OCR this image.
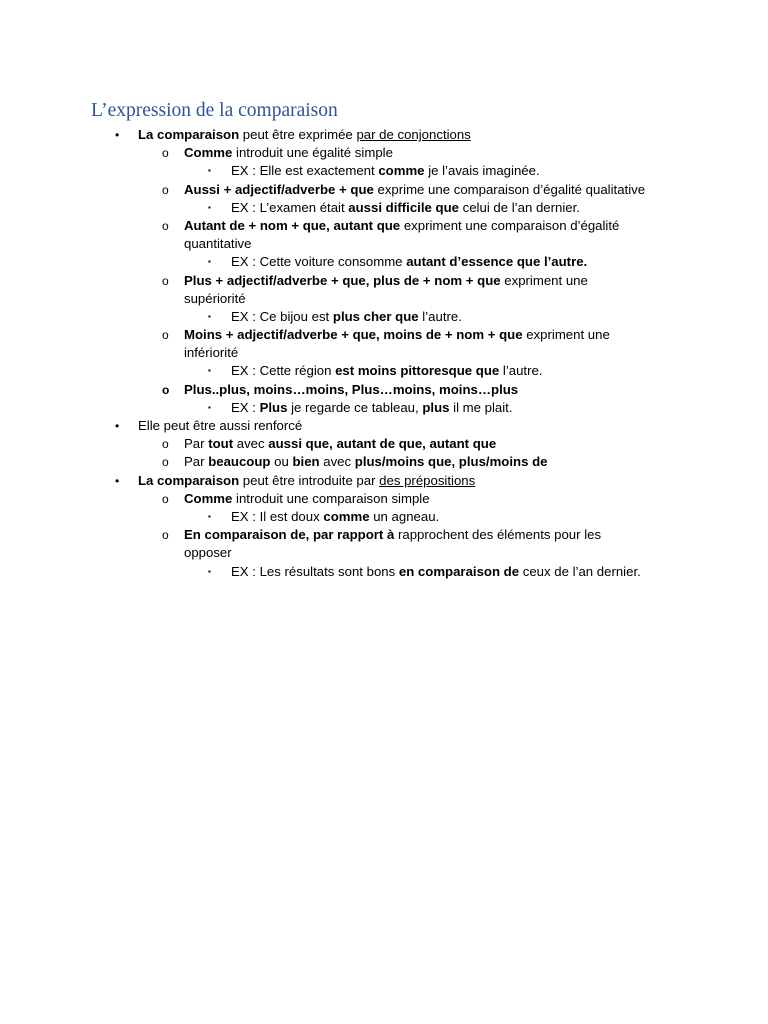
L’expression de la comparaison
• La comparaison peut être exprimée par de conjonctions
o Comme introduit une égalité simple
▪ EX : Elle est exactement comme je l’avais imaginée.
o Aussi + adjectif/adverbe + que exprime une comparaison d’égalité qualitative
▪ EX : L’examen était aussi difficile que celui de l’an dernier.
o Autant de + nom + que, autant que expriment une comparaison d’égalité
quantitative
▪ EX : Cette voiture consomme autant d’essence que l’autre.
o Plus + adjectif/adverbe + que, plus de + nom + que expriment une
supériorité
▪ EX : Ce bijou est plus cher que l’autre.
o Moins + adjectif/adverbe + que, moins de + nom + que expriment une
infériorité
▪ EX : Cette région est moins pittoresque que l’autre.
o Plus..plus, moins…moins, Plus…moins, moins…plus
▪ EX : Plus je regarde ce tableau, plus il me plait.
• Elle peut être aussi renforcé
o Par tout avec aussi que, autant de que, autant que
o Par beaucoup ou bien avec plus/moins que, plus/moins de
• La comparaison peut être introduite par des prépositions
o Comme introduit une comparaison simple
▪ EX : Il est doux comme un agneau.
o En comparaison de, par rapport à rapprochent des éléments pour les
opposer
▪ EX : Les résultats sont bons en comparaison de ceux de l’an dernier.
